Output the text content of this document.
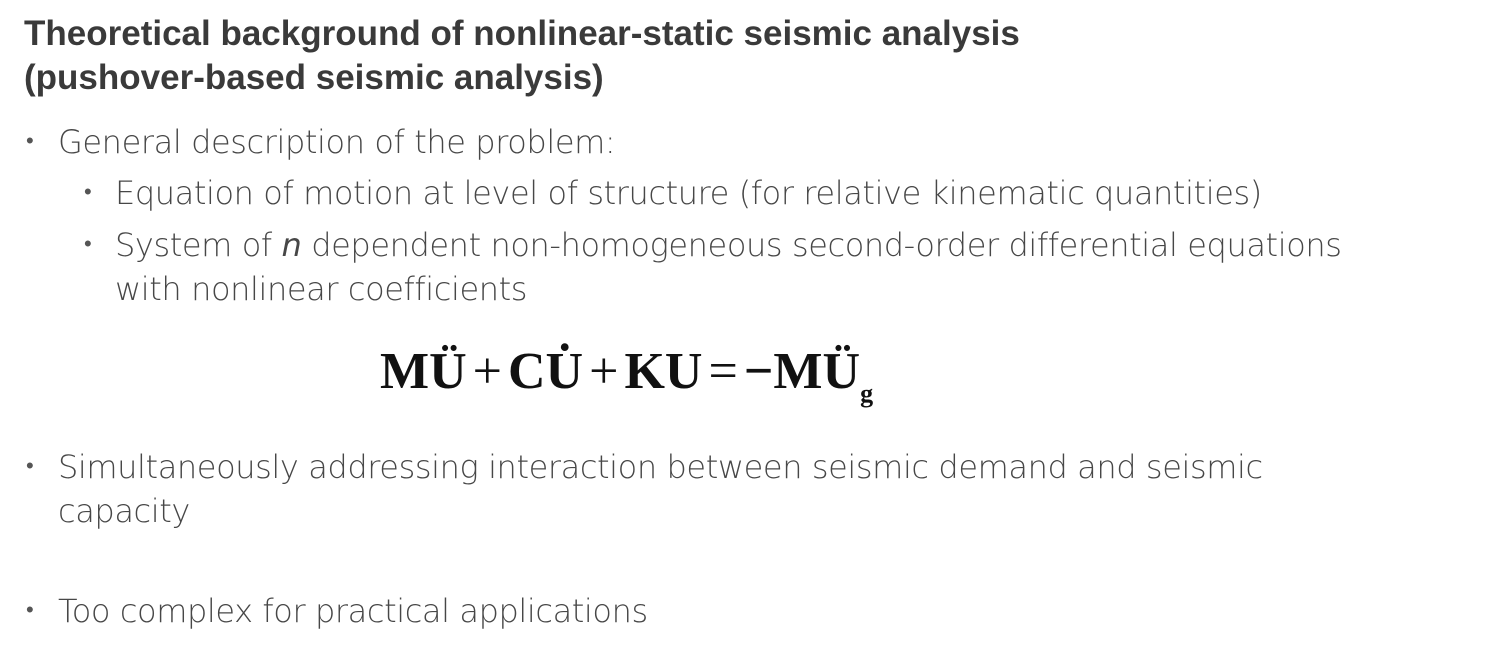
Theoretical background of nonlinear-static seismic analysis
(pushover-based seismic analysis)
• General description of the problem:
• Equation of motion at level of structure (for relative kinematic quantities)
• System of n dependent non-homogeneous second-order differential equations
with nonlinear coefficients
MÜ + CU̇ + KU = $-MÜ_g$
• Simultaneously addressing interaction between seismic demand and seismic
capacity
• Too complex for practical applications
